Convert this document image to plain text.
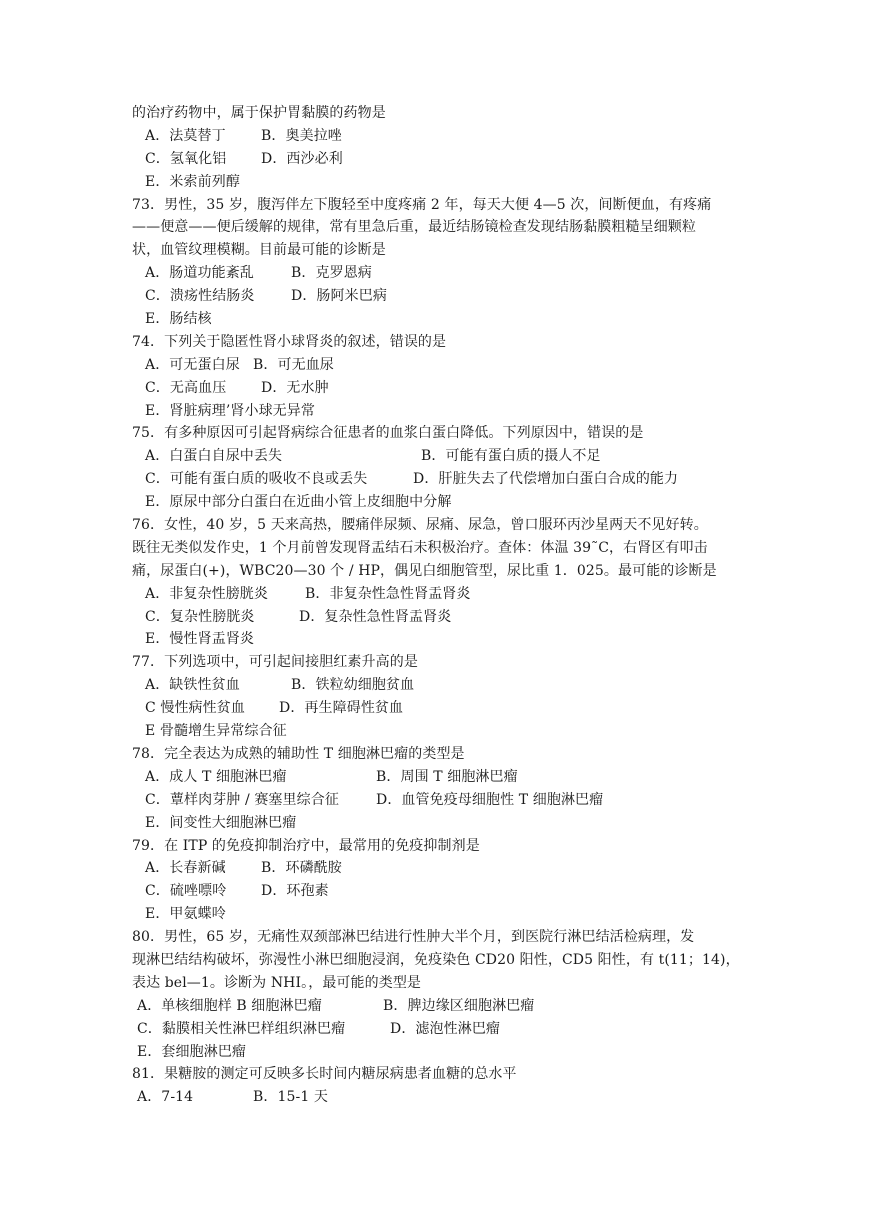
的治疗药物中，属于保护胃黏膜的药物是
A．法莫替丁	B．奥美拉唑
C．氢氧化铝 D．西沙必利
E．米索前列醇
73．男性，35 岁，腹泻伴左下腹轻至中度疼痛 2 年，每天大便 4—5 次，间断便血，有疼痛
——便意——便后缓解的规律，常有里急后重，最近结肠镜检查发现结肠黏膜粗糙呈细颗粒
状，血管纹理模糊。目前最可能的诊断是
A．肠道功能紊乱	B．克罗恩病
C．溃疡性结肠炎	D．肠阿米巴病
E．肠结核
74．下列关于隐匿性肾小球肾炎的叙述，错误的是
A．可无蛋白尿 B．可无血尿
C．无高血压 D．无水肿
E．肾脏病理’肾小球无异常
75．有多种原因可引起肾病综合征患者的血浆白蛋白降低。下列原因中，错误的是
A．白蛋白自尿中丢失	B．可能有蛋白质的摄人不足
C．可能有蛋白质的吸收不良或丢失	D．肝脏失去了代偿增加白蛋白合成的能力
E．原尿中部分白蛋白在近曲小管上皮细胞中分解
76．女性，40 岁，5 天来高热，腰痛伴尿频、尿痛、尿急，曾口服环丙沙星两天不见好转。
既往无类似发作史，1 个月前曾发现肾盂结石未积极治疗。查体：体温 39˜C，右肾区有叩击
痛，尿蛋白(+)，WBC20—30 个 / HP，偶见白细胞管型，尿比重 1．025。最可能的诊断是
A．非复杂性膀胱炎	B．非复杂性急性肾盂肾炎
C．复杂性膀胱炎	D．复杂性急性肾盂肾炎
E．慢性肾盂肾炎
77．下列选项中，可引起间接胆红素升高的是
A．缺铁性贫血	B．铁粒幼细胞贫血
C 慢性病性贫血 D．再生障碍性贫血
E 骨髓增生异常综合征
78．完全表达为成熟的辅助性 T 细胞淋巴瘤的类型是
A．成人 T 细胞淋巴瘤	B．周围 T 细胞淋巴瘤
C．蕈样肉芽肿 / 赛塞里综合征	D．血管免疫母细胞性 T 细胞淋巴瘤
E．间变性大细胞淋巴瘤
79．在 ITP 的免疫抑制治疗中，最常用的免疫抑制剂是
A．长春新碱	B．环磷酰胺
C．硫唑嘌呤 D．环孢素
E．甲氨蝶呤
80．男性，65 岁，无痛性双颈部淋巴结进行性肿大半个月，到医院行淋巴结活检病理，发
现淋巴结结构破坏，弥漫性小淋巴细胞浸润，免疫染色 CD20 阳性，CD5 阳性，有 t(11；14)，
表达 bel—1。诊断为 NHI。，最可能的类型是
A．单核细胞样 B 细胞淋巴瘤	B．脾边缘区细胞淋巴瘤
C．黏膜相关性淋巴样组织淋巴瘤	D．滤泡性淋巴瘤
E．套细胞淋巴瘤
81．果糖胺的测定可反映多长时间内糖尿病患者血糖的总水平
A．7-14	B．15-1 天
